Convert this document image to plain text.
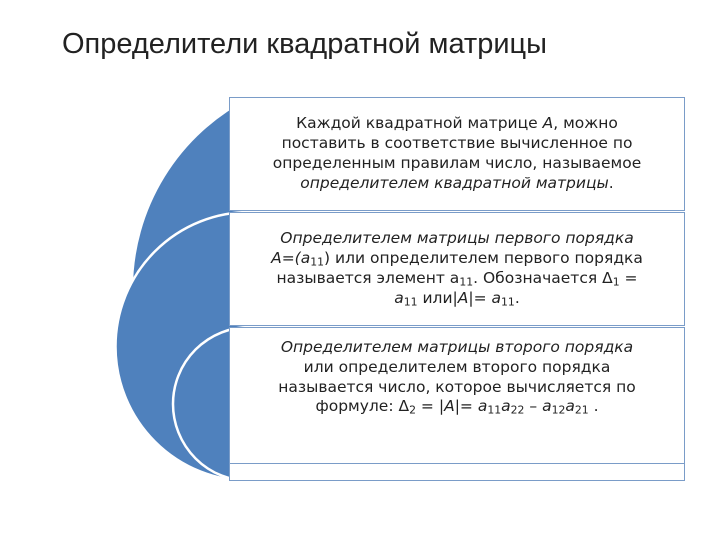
Определители квадратной матрицы
Каждой квадратной матрице А, можно
поставить в соответствие вычисленное по
определенным правилам число, называемое
определителем квадратной матрицы.
Определителем матрицы первого порядка
$А=(а_{11})$ или определителем первого порядка
называется элемент $а_{11}$. Обозначается $\Delta_1$ =
$а_{11}$ $или|А|= а_{11}$.
Определителем матрицы второго порядка
или определителем второго порядка
называется число, которое вычисляется по
формуле: $\Delta_2 = |А|= а_{11}а_{22} - а_{12}а_{21}$ .
